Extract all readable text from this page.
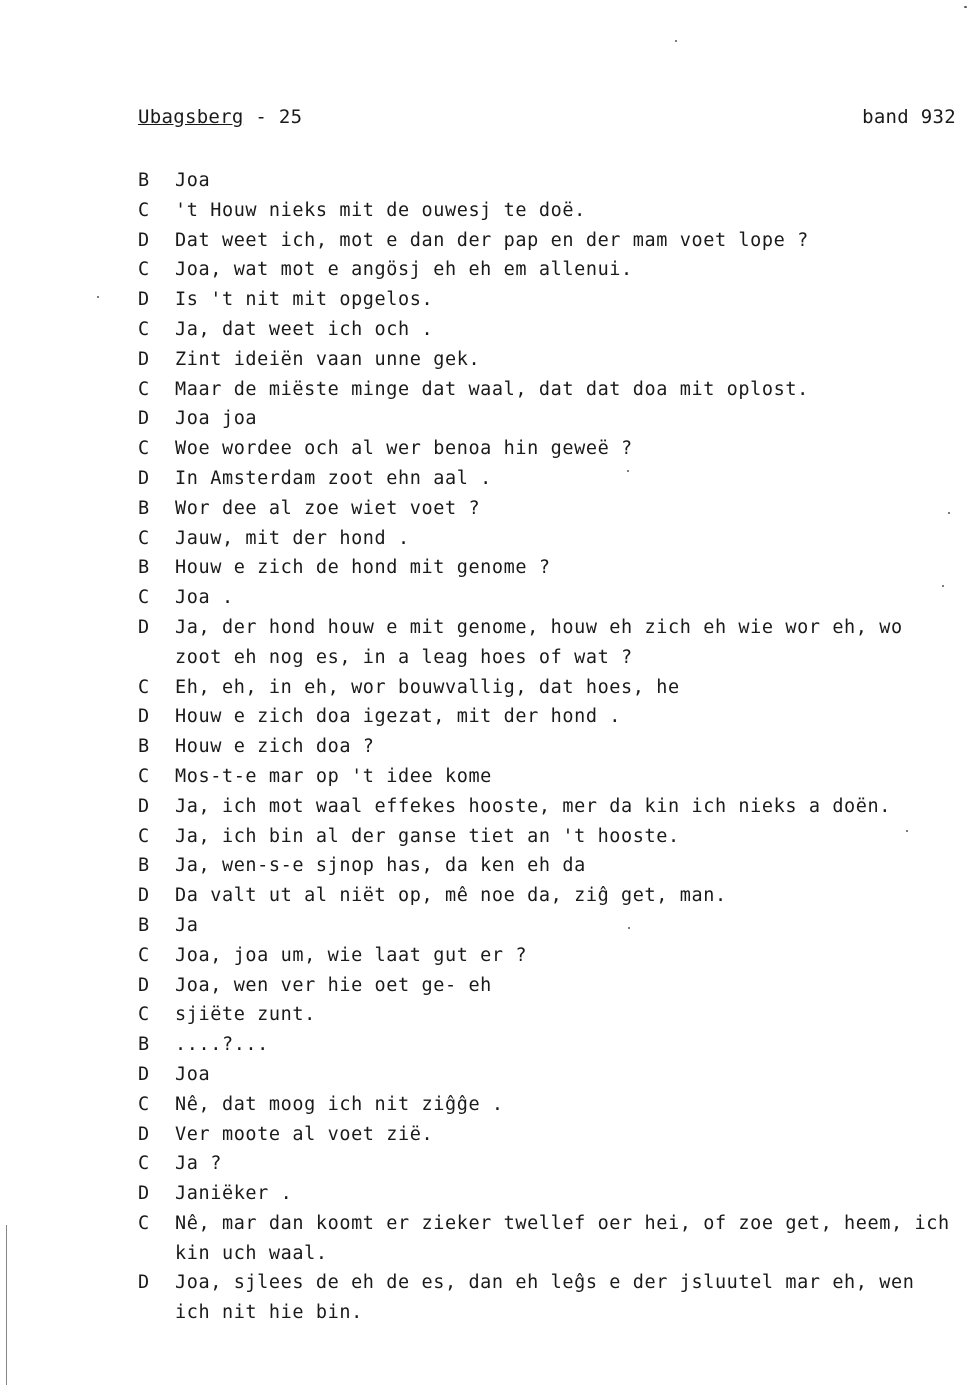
Ubagsberg - 25	band 932
B	Joa
C	't Houw nieks mit de ouwesj te doë.
D	Dat weet ich, mot e dan der pap en der mam voet lope ?
C	Joa, wat mot e angösj eh eh em allenui.
D	Is 't nit mit opgelos.
C	Ja, dat weet ich och .
D	Zint ideiën vaan unne gek.
C	Maar de miëste minge dat waal, dat dat doa mit oplost.
D	Joa joa
C	Woe wordee och al wer benoa hin geweë ?
D	In Amsterdam zoot ehn aal .
B	Wor dee al zoe wiet voet ?
C	Jauw, mit der hond .
B	Houw e zich de hond mit genome ?
C	Joa .
D	Ja, der hond houw e mit genome, houw eh zich eh wie wor eh, wo zoot eh nog es, in a leag hoes of wat ?
C	Eh, eh, in eh, wor bouwvallig, dat hoes, he
D	Houw e zich doa igezat, mit der hond .
B	Houw e zich doa ?
C	Mos-t-e mar op 't idee kome
D	Ja, ich mot waal effekes hooste, mer da kin ich nieks a doën.
C	Ja, ich bin al der ganse tiet an 't hooste.
B	Ja, wen-s-e sjnop has, da ken eh da
D	Da valt ut al niët op, mê noe da, ziĝ get, man.
B	Ja
C	Joa, joa um, wie laat gut er ?
D	Joa, wen ver hie oet ge- eh
C	sjiëte zunt.
B	....?...
D	Joa
C	Nê, dat moog ich nit ziĝĝe .
D	Ver moote al voet zië.
C	Ja ?
D	Janiëker .
C	Nê, mar dan koomt er zieker twellef oer hei, of zoe get, heem, ich kin uch waal.
D	Joa, sjlees de eh de es, dan eh leĝs e der jsluutel mar eh, wen ich nit hie bin.
